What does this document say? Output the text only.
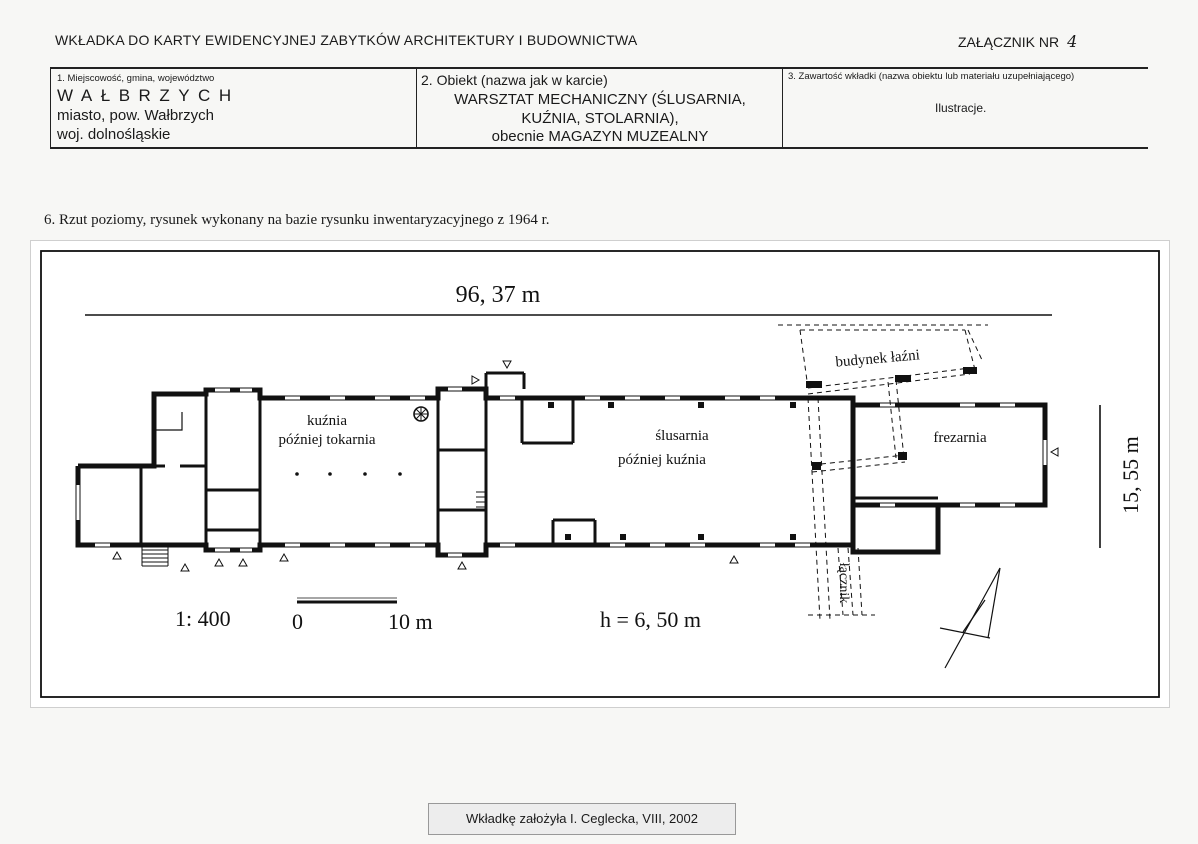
WKŁADKA DO KARTY EWIDENCYJNEJ ZABYTKÓW ARCHITEKTURY I BUDOWNICTWA	ZAŁĄCZNIK NR 4
1. Miejscowość, gmina, województwo
WAŁBRZYCH
miasto, pow. Wałbrzych
woj. dolnośląskie
2. Obiekt (nazwa jak w karcie)
WARSZTAT MECHANICZNY (ŚLUSARNIA,
KUŹNIA, STOLARNIA),
obecnie MAGAZYN MUZEALNY
3. Zawartość wkładki (nazwa obiektu lub materiału uzupełniającego)
Ilustracje.
6. Rzut poziomy, rysunek wykonany na bazie rysunku inwentaryzacyjnego z 1964 r.
96, 37 m
15, 55 m
1: 400	0	10 m	h = 6, 50 m
kuźnia
później tokarnia	ślusarnia
później kuźnia
frezarnia
budynek łaźni
łącznik
Wkładkę założyła I. Ceglecka, VIII, 2002
